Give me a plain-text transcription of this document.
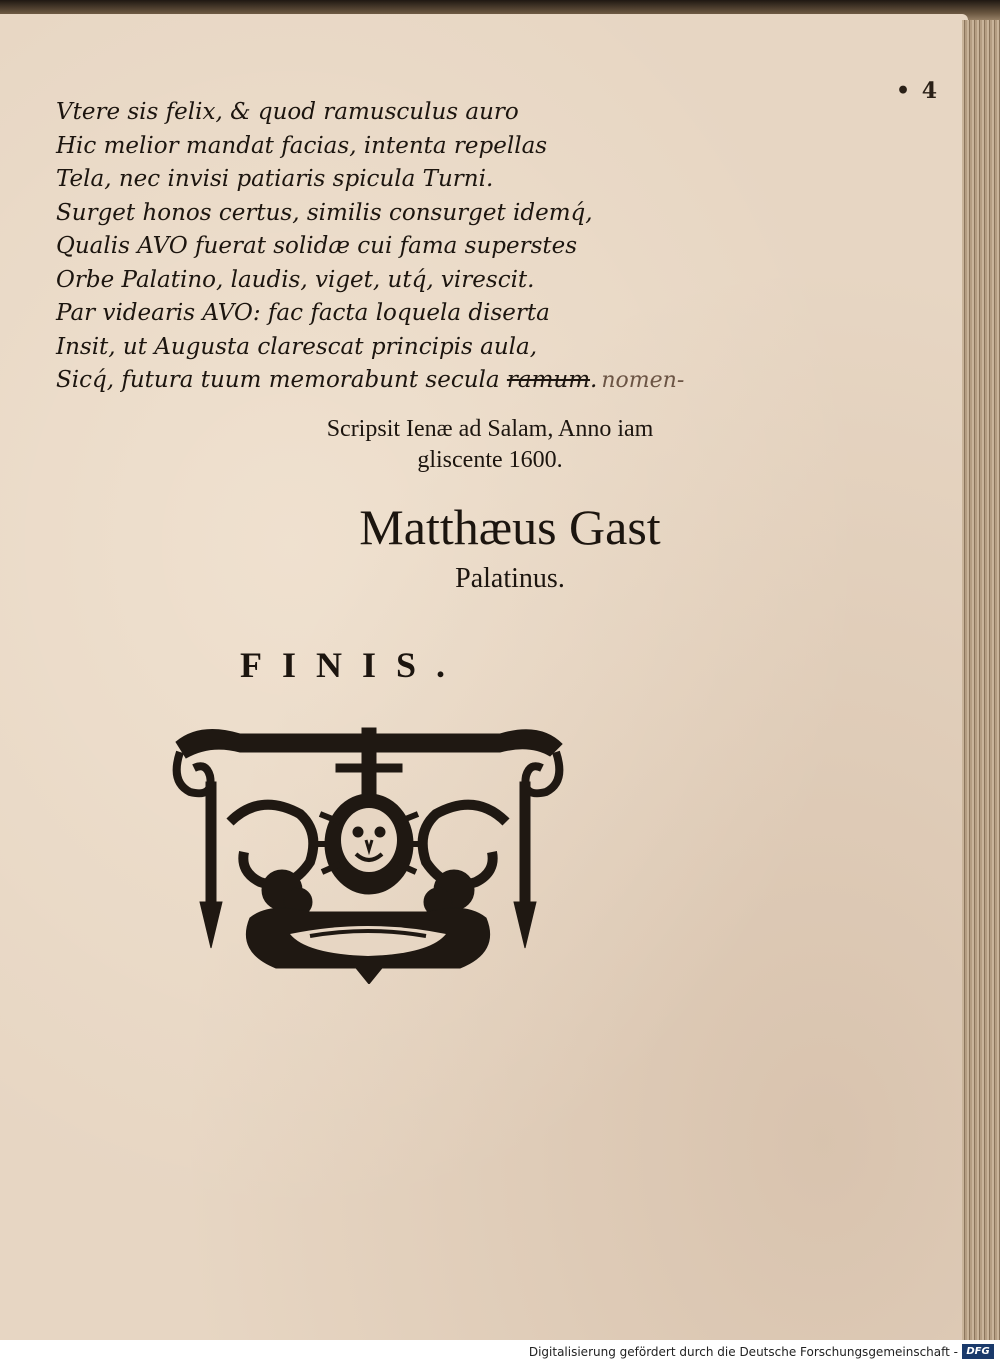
• 4
Vtere sis felix, & quod ramusculus auro
Hic melior mandat facias, intenta repellas
Tela, nec invisi patiaris spicula Turni.
Surget honos certus, similis consurget idemq́,
Qualis AVO fuerat solidæ cui fama superstes
Orbe Palatino, laudis, viget, utq́, virescit.
Par videaris AVO: fac facta loquela diserta
Insit, ut Augusta clarescat principis aula,
Sicq́, futura tuum memorabunt secula ramum. nomen-
Scripsit Ienæ ad Salam, Anno iam
gliscente 1600.
Matthæus Gast
Palatinus.
FINIS.
Digitalisierung gefördert durch die Deutsche Forschungsgemeinschaft - DFG
